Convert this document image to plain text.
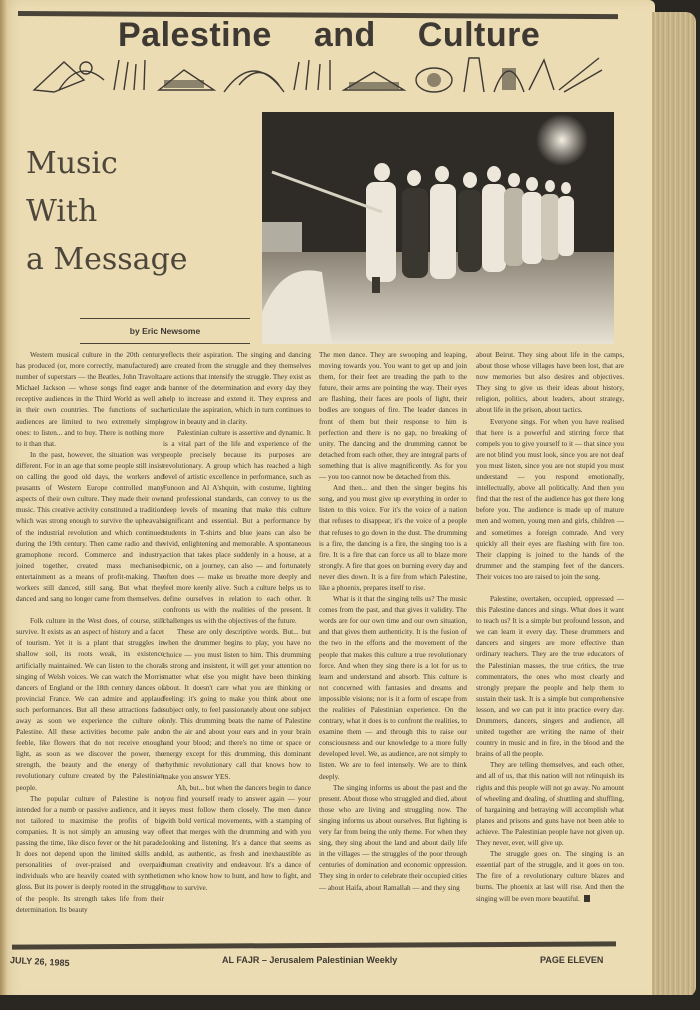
Palestine and Culture
Music
With
a Message
by Eric Newsome

Western musical culture in the 20th century has produced (or, more correctly, manufactured) a number of superstars — the Beatles, John Travolta, Michael Jackson — whose songs find eager and receptive audiences in the Third World as well as in their own countries. The functions of such audiences are limited to two extremely simple ones: to listen... and to buy. There is nothing more to it than that.

In the past, however, the situation was very different. For in an age that some people still insist on calling the good old days, the workers and peasants of Western Europe controlled many aspects of their own culture. They made their own music. This creative activity constituted a tradition which was strong enough to survive the upheavals of the industrial revolution and which continued during the 19th century. Then came radio and the gramophone record. Commerce and industry, joined together, created mass mechanised entertainment as a means of profit-making. The workers still danced, still sang. But what they danced and sang no longer came from themselves.

Folk culture in the West does, of course, still survive. It exists as an aspect of history and a facet of tourism. Yet it is a plant that struggles in shallow soil, its roots weak, its existence artificially maintained. We can listen to the choral singing of Welsh voices. We can watch the Morris dancers of England or the 18th century dances of provincial France. We can admire and applaud such performances. But all these attractions fade away as soon we experience the culture of Palestine. All these activities become pale and feeble, like flowers that do not receive enough light, as soon as we discover the power, the strength, the beauty and the energy of the revolutionary culture created by the Palestinian people.

The popular culture of Palestine is not intended for a numb or passive audience, and it is not tailored to maximise the profits of big companies. It is not simply an amusing way of passing the time, like disco fever or the hit parade. It does not depend upon the limited skills and personalities of over-praised and overpaid individuals who are heavily coated with synthetic gloss. But its power is deeply rooted in the struggle of the people. Its strength takes life from their determination. Its beauty

reflects their aspiration. The singing and dancing are created from the struggle and they themselves are actions that intensify the struggle. They exist as a banner of the determination and every day they help to increase and extend it. They express and articulate the aspiration, which in turn continues to grow in beauty and in clarity.

Palestinian culture is assertive and dynamic. It is a vital part of the life and experience of the people precisely because its purposes are revolutionary. A group which has reached a high level of artistic excellence in performance, such as Funoon and Al A'shquin, with costume, lighting and professional standards, can convey to us the deep levels of meaning that make this culture significant and essential. But a performance by students in T-shirts and blue jeans can also be vivid, enlightening and memorable. A spontaneous action that takes place suddenly in a house, at a picnic, on a journey, can also — and fortunately often does — make us breathe more deeply and feel more keenly alive. Such a culture helps us to define ourselves in relation to each other. It confronts us with the realities of the present. It challenges us with the objectives of the future.

These are only descriptive words. But... but when the drummer begins to play, you have no choice — you must listen to him. This drumming is strong and insistent, it will get your attention no matter what else you might have been thinking about. It doesn't care what you are thinking or feeling: it's going to make you think about one subject only, to feel passionately about one subject only. This drumming beats the name of Palestine on the air and about your ears and in your brain and your blood; and there's no time or space or energy except for this drumming, this dominant rhythmic revolutionary call that knows how to make you answer YES.

Ah, but... but when the dancers begin to dance you find yourself ready to answer again — your eyes must follow them closely. The men dance with bold vertical movements, with a stamping of feet that merges with the drumming and with you looking and listening. It's a dance that seems as old, as authentic, as fresh and inexhaustible as human creativity and endeavour. It's a dance of men who know how to hunt, and how to fight, and how to survive.

The men dance. They are swooping and leaping, moving towards you. You want to get up and join them, for their feet are treading the path to the future, their arms are pointing the way. Their eyes are flashing, their faces are pools of light, their bodies are tongues of fire. The leader dances in front of them but their response to him is perfection and there is no gap, no breaking of unity. The dancing and the drumming cannot be detached from each other, they are integral parts of something that is alive magnificently. As for you — you too cannot now be detached from this.

And then... and then the singer begins his song, and you must give up everything in order to listen to this voice. For it's the voice of a nation that refuses to disappear, it's the voice of a people that refuses to go down in the dust. The drumming is a fire, the dancing is a fire, the singing too is a fire. It is a fire that can force us all to blaze more strongly. A fire that goes on burning every day and never dies down. It is a fire from which Palestine, like a phoenix, prepares itself to rise.

What is it that the singing tells us? The music comes from the past, and that gives it validity. The words are for our own time and our own situation, and that gives them authenticity. It is the fusion of the two in the efforts and the movement of the people that makes this culture a true revolutionary force. And when they sing there is a lot for us to learn and understand and absorb. This culture is not concerned with fantasies and dreams and impossible visions; nor is it a form of escape from the realities of Palestinian experience. On the contrary, what it does is to confront the realities, to examine them — and through this to raise our consciousness and our knowledge to a more fully developed level. We, as audience, are not simply to listen. We are to feel intensely. We are to think deeply.

The singing informs us about the past and the present. About those who struggled and died, about those who are living and struggling now. The singing informs us about ourselves. But fighting is very far from being the only theme. For when they sing, they sing about the land and about daily life in the villages — the struggles of the poor through centuries of domination and economic oppression. They sing in order to celebrate their occupied cities — about Haifa, about Ramallah — and they sing

about Beirut. They sing about life in the camps, about those whose villages have been lost, that are now memories but also desires and objectives. They sing to give us their ideas about history, religion, politics, about leaders, about strategy, about life in the prison, about tactics.

Everyone sings. For when you have realised that here is a powerful and stirring force that compels you to give yourself to it — that since you are not blind you must look, since you are not deaf you must listen, since you are not stupid you must understand — you respond emotionally, intellectually, above all politically. And then you find that the rest of the audience has got there long before you. The audience is made up of mature men and women, young men and girls, children — and sometimes a foreign comrade. And very quickly all their eyes are flashing with fire too. Their clapping is joined to the hands of the drummer and the stamping feet of the dancers. Their voices too are raised to join the song.

Palestine, overtaken, occupied, oppressed — this Palestine dances and sings. What does it want to teach us? It is a simple but profound lesson, and we can learn it every day. These drummers and dancers and singers are more effective than ordinary teachers. They are the true educators of the Palestinian masses, the true critics, the true commentators, the ones who most clearly and strongly prepare the people and help them to sustain their task. It is a simple but comprehensive lesson, and we can put it into practice every day. Drummers, dancers, singers and audience, all united together are writing the name of their country in music and in fire, in the blood and the brains of all the people.

They are telling themselves, and each other, and all of us, that this nation will not relinquish its rights and this people will not go away. No amount of wheeling and dealing, of shuttling and shuffling, of bargaining and betraying will accomplish what planes and prisons and guns have not been able to achieve. The Palestinian people have not given up. They never, ever, will give up.

The struggle goes on. The singing is an essential part of the struggle, and it goes on too. The fire of a revolutionary culture blazes and burns. The phoenix at last will rise. And then the singing will be even more beautiful.

JULY 26, 1985	AL FAJR – Jerusalem Palestinian Weekly	PAGE ELEVEN
